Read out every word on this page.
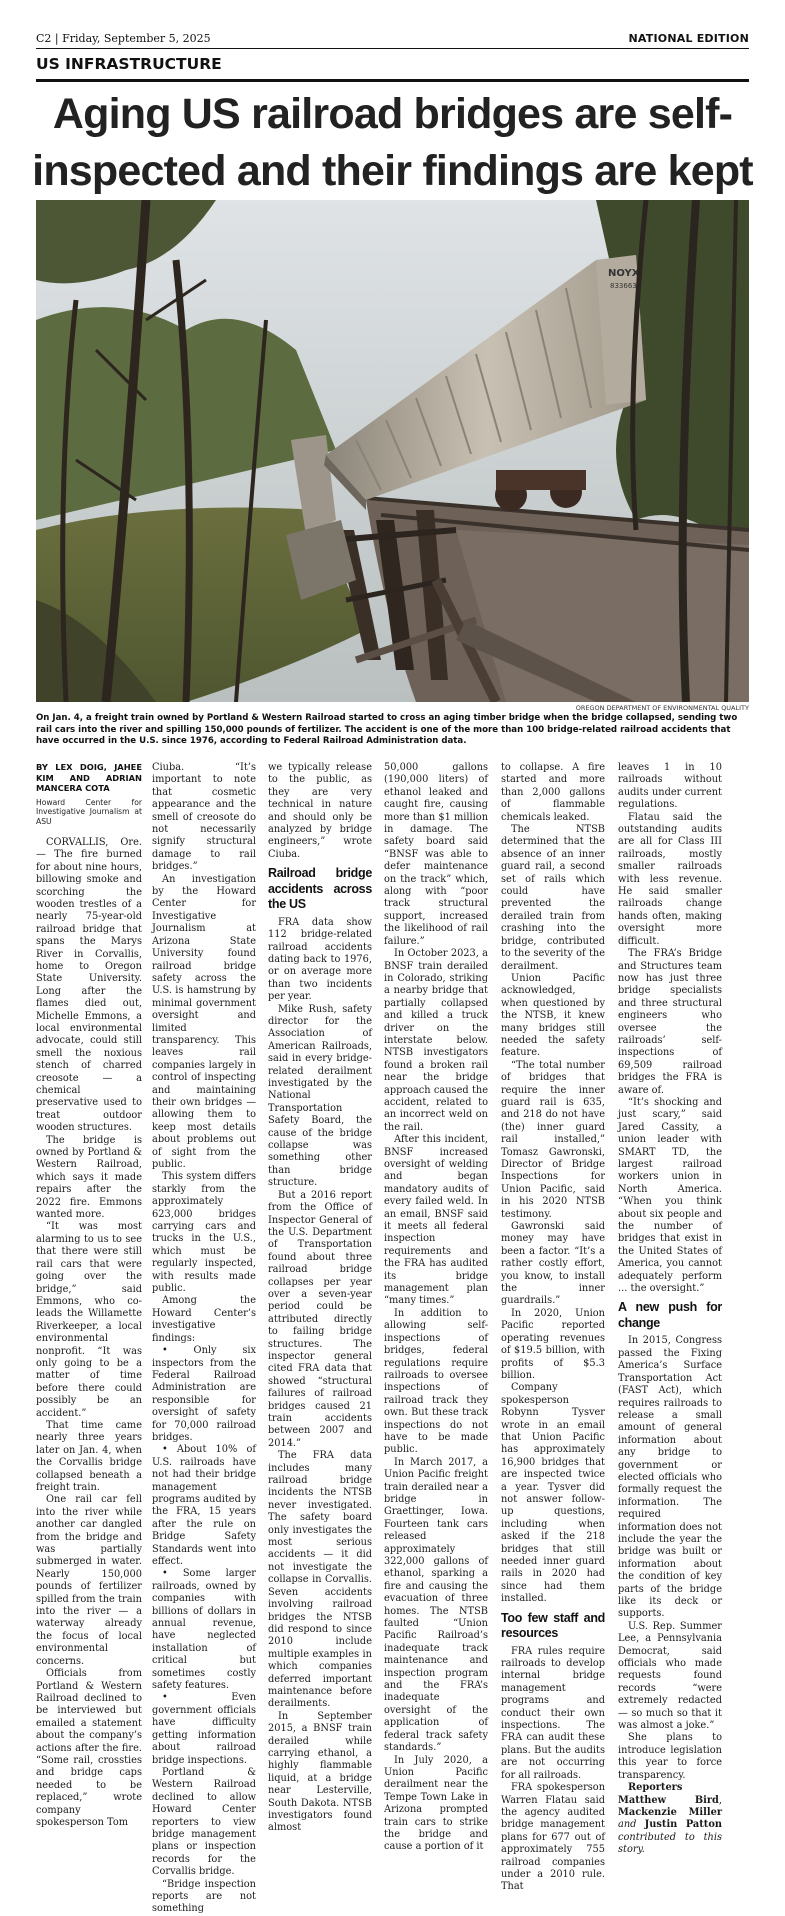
C2 | Friday, September 5, 2025	NATIONAL EDITION
US INFRASTRUCTURE
Aging US railroad bridges are self-inspected and their findings are kept
NOYX
833663
OREGON DEPARTMENT OF ENVIRONMENTAL QUALITY
On Jan. 4, a freight train owned by Portland & Western Railroad started to cross an aging timber bridge when the bridge collapsed, sending two rail cars into the river and spilling 150,000 pounds of fertilizer. The accident is one of the more than 100 bridge-related railroad accidents that have occurred in the U.S. since 1976, according to Federal Railroad Administration data.
BY LEX DOIG, JAHEE KIM AND ADRIAN MANCERA COTA
Howard Center for Investigative Journalism at ASU

CORVALLIS, Ore. — The fire burned for about nine hours, billowing smoke and scorching the wooden trestles of a nearly 75-year-old railroad bridge that spans the Marys River in Corvallis, home to Oregon State University. Long after the flames died out, Michelle Emmons, a local environmental advocate, could still smell the noxious stench of charred creosote — a chemical preservative used to treat outdoor wooden structures.

The bridge is owned by Portland & Western Railroad, which says it made repairs after the 2022 fire. Emmons wanted more.

“It was most alarming to us to see that there were still rail cars that were going over the bridge,” said Emmons, who co-leads the Willamette Riverkeeper, a local environmental nonprofit. “It was only going to be a matter of time before there could possibly be an accident.”

That time came nearly three years later on Jan. 4, when the Corvallis bridge collapsed beneath a freight train.

One rail car fell into the river while another car dangled from the bridge and was partially submerged in water. Nearly 150,000 pounds of fertilizer spilled from the train into the river — a waterway already the focus of local environmental concerns.

Officials from Portland & Western Railroad declined to be interviewed but emailed a statement about the company’s actions after the fire. “Some rail, crossties and bridge caps needed to be replaced,” wrote company spokesperson Tom

Ciuba. “It’s important to note that cosmetic appearance and the smell of creosote do not necessarily signify structural damage to rail bridges.”

An investigation by the Howard Center for Investigative Journalism at Arizona State University found railroad bridge safety across the U.S. is hamstrung by minimal government oversight and limited transparency. This leaves rail companies largely in control of inspecting and maintaining their own bridges — allowing them to keep most details about problems out of sight from the public.

This system differs starkly from the approximately 623,000 bridges carrying cars and trucks in the U.S., which must be regularly inspected, with results made public.

Among the Howard Center’s investigative findings:

• Only six inspectors from the Federal Railroad Administration are responsible for oversight of safety for 70,000 railroad bridges.

• About 10% of U.S. railroads have not had their bridge management programs audited by the FRA, 15 years after the rule on Bridge Safety Standards went into effect.

• Some larger railroads, owned by companies with billions of dollars in annual revenue, have neglected installation of critical but sometimes costly safety features.

• Even government officials have difficulty getting information about railroad bridge inspections.

Portland & Western Railroad declined to allow Howard Center reporters to view bridge management plans or inspection records for the Corvallis bridge.

“Bridge inspection reports are not something

we typically release to the public, as they are very technical in nature and should only be analyzed by bridge engineers,” wrote Ciuba.

Railroad bridge accidents across the US

FRA data show 112 bridge-related railroad accidents dating back to 1976, or on average more than two incidents per year.

Mike Rush, safety director for the Association of American Railroads, said in every bridge-related derailment investigated by the National Transportation Safety Board, the cause of the bridge collapse was something other than bridge structure.

But a 2016 report from the Office of Inspector General of the U.S. Department of Transportation found about three railroad bridge collapses per year over a seven-year period could be attributed directly to failing bridge structures. The inspector general cited FRA data that showed “structural failures of railroad bridges caused 21 train accidents between 2007 and 2014.”

The FRA data includes many railroad bridge incidents the NTSB never investigated. The safety board only investigates the most serious accidents — it did not investigate the collapse in Corvallis. Seven accidents involving railroad bridges the NTSB did respond to since 2010 include multiple examples in which companies deferred important maintenance before derailments.

In September 2015, a BNSF train derailed while carrying ethanol, a highly flammable liquid, at a bridge near Lesterville, South Dakota. NTSB investigators found almost

50,000 gallons (190,000 liters) of ethanol leaked and caught fire, causing more than $1 million in damage. The safety board said “BNSF was able to defer maintenance on the track” which, along with “poor track structural support, increased the likelihood of rail failure.”

In October 2023, a BNSF train derailed in Colorado, striking a nearby bridge that partially collapsed and killed a truck driver on the interstate below. NTSB investigators found a broken rail near the bridge approach caused the accident, related to an incorrect weld on the rail.

After this incident, BNSF increased oversight of welding and began mandatory audits of every failed weld. In an email, BNSF said it meets all federal inspection requirements and the FRA has audited its bridge management plan “many times.”

In addition to allowing self-inspections of bridges, federal regulations require railroads to oversee inspections of railroad track they own. But these track inspections do not have to be made public.

In March 2017, a Union Pacific freight train derailed near a bridge in Graettinger, Iowa. Fourteen tank cars released approximately 322,000 gallons of ethanol, sparking a fire and causing the evacuation of three homes. The NTSB faulted “Union Pacific Railroad’s inadequate track maintenance and inspection program and the FRA’s inadequate oversight of the application of federal track safety standards.”

In July 2020, a Union Pacific derailment near the Tempe Town Lake in Arizona prompted train cars to strike the bridge and cause a portion of it

to collapse. A fire started and more than 2,000 gallons of flammable chemicals leaked.

The NTSB determined that the absence of an inner guard rail, a second set of rails which could have prevented the derailed train from crashing into the bridge, contributed to the severity of the derailment.

Union Pacific acknowledged, when questioned by the NTSB, it knew many bridges still needed the safety feature.

“The total number of bridges that require the inner guard rail is 635, and 218 do not have (the) inner guard rail installed,” Tomasz Gawronski, Director of Bridge Inspections for Union Pacific, said in his 2020 NTSB testimony.

Gawronski said money may have been a factor. “It’s a rather costly effort, you know, to install the inner guardrails.”

In 2020, Union Pacific reported operating revenues of $19.5 billion, with profits of $5.3 billion.

Company spokesperson Robynn Tysver wrote in an email that Union Pacific has approximately 16,900 bridges that are inspected twice a year. Tysver did not answer follow-up questions, including when asked if the 218 bridges that still needed inner guard rails in 2020 had since had them installed.

Too few staff and resources

FRA rules require railroads to develop internal bridge management programs and conduct their own inspections. The FRA can audit these plans. But the audits are not occurring for all railroads.

FRA spokesperson Warren Flatau said the agency audited bridge management plans for 677 out of approximately 755 railroad companies under a 2010 rule. That

leaves 1 in 10 railroads without audits under current regulations.

Flatau said the outstanding audits are all for Class III railroads, mostly smaller railroads with less revenue. He said smaller railroads change hands often, making oversight more difficult.

The FRA’s Bridge and Structures team now has just three bridge specialists and three structural engineers who oversee the railroads’ self-inspections of 69,509 railroad bridges the FRA is aware of.

“It’s shocking and just scary,” said Jared Cassity, a union leader with SMART TD, the largest railroad workers union in North America. “When you think about six people and the number of bridges that exist in the United States of America, you cannot adequately perform ... the oversight.”

A new push for change

In 2015, Congress passed the Fixing America’s Surface Transportation Act (FAST Act), which requires railroads to release a small amount of general information about any bridge to government or elected officials who formally request the information. The required information does not include the year the bridge was built or information about the condition of key parts of the bridge like its deck or supports.

U.S. Rep. Summer Lee, a Pennsylvania Democrat, said officials who made requests found records “were extremely redacted — so much so that it was almost a joke.”

She plans to introduce legislation this year to force transparency.

Reporters Matthew Bird, Mackenzie Miller and Justin Patton contributed to this story.
